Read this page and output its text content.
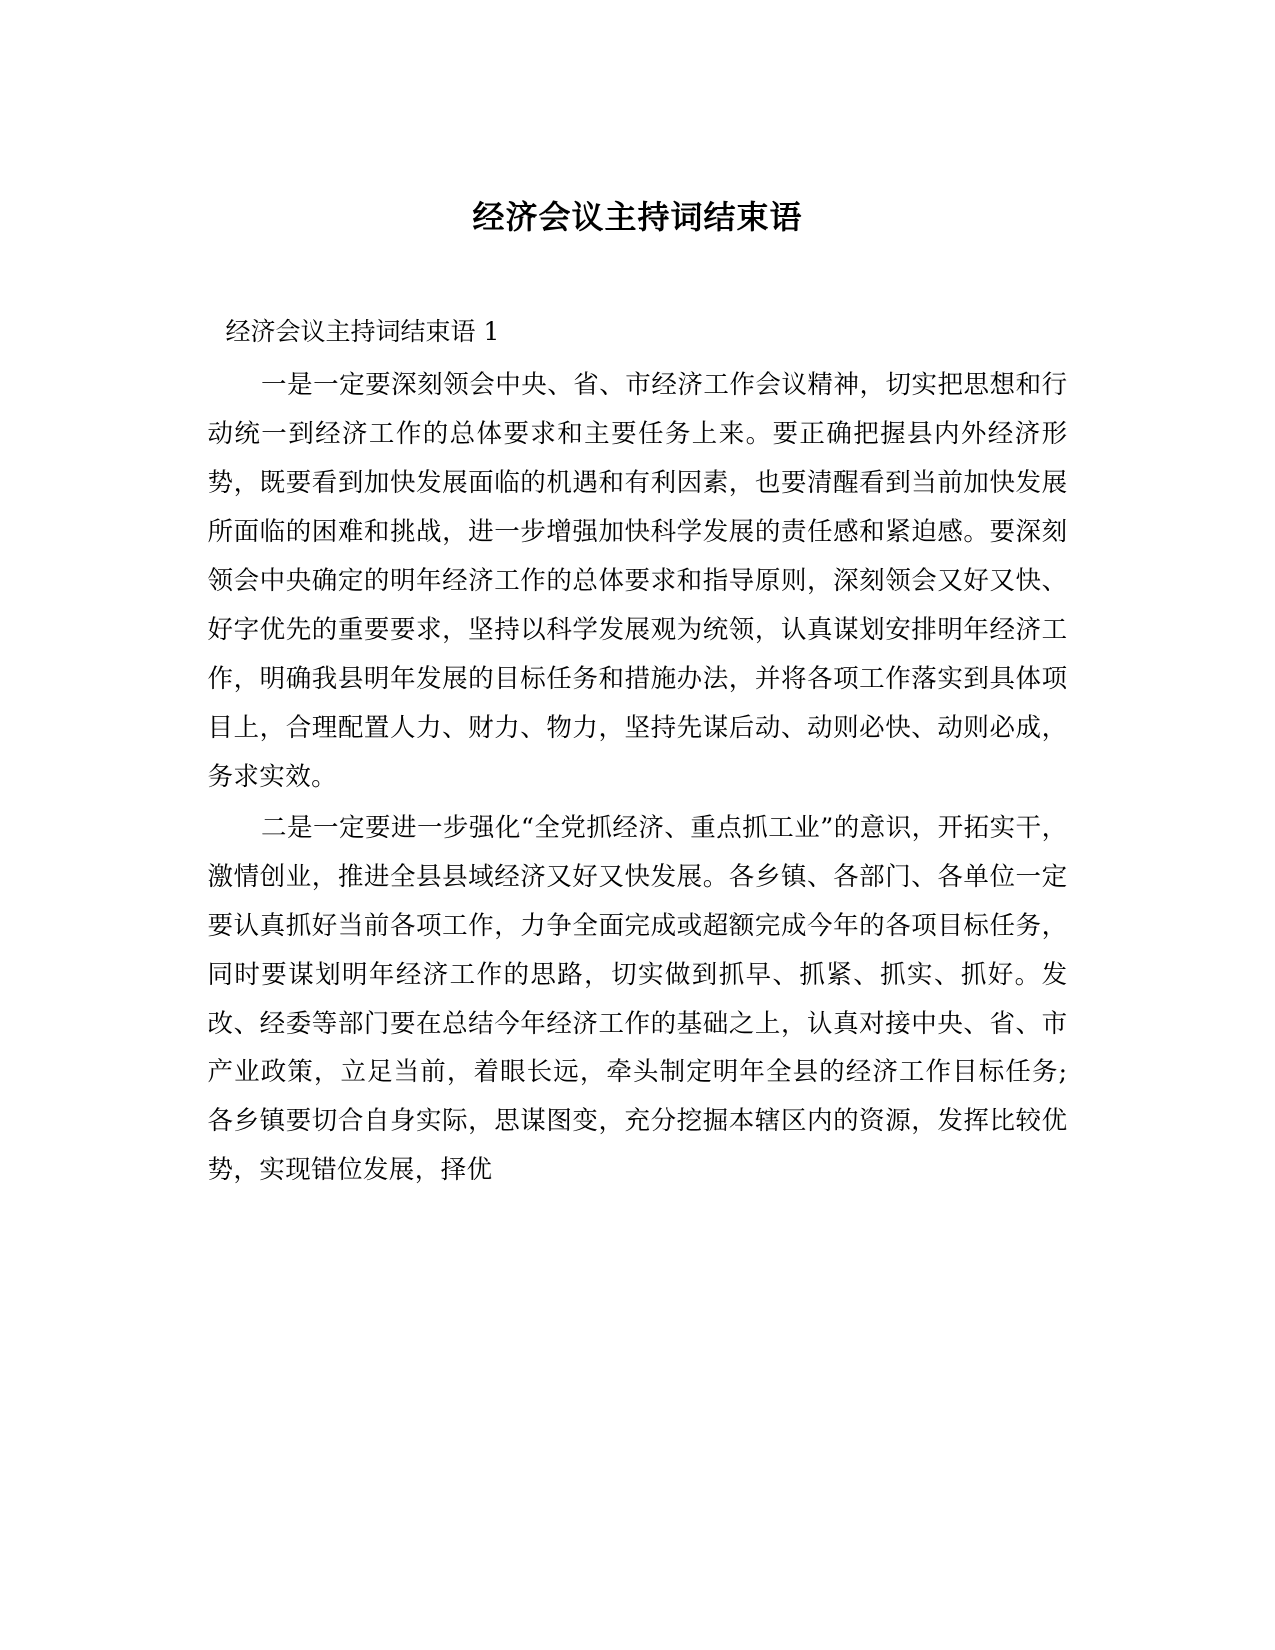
经济会议主持词结束语

经济会议主持词结束语 1

一是一定要深刻领会中央、省、市经济工作会议精神，切实把思想和行动统一到经济工作的总体要求和主要任务上来。要正确把握县内外经济形势，既要看到加快发展面临的机遇和有利因素，也要清醒看到当前加快发展所面临的困难和挑战，进一步增强加快科学发展的责任感和紧迫感。要深刻领会中央确定的明年经济工作的总体要求和指导原则，深刻领会又好又快、好字优先的重要要求，坚持以科学发展观为统领，认真谋划安排明年经济工作，明确我县明年发展的目标任务和措施办法，并将各项工作落实到具体项目上，合理配置人力、财力、物力，坚持先谋后动、动则必快、动则必成，务求实效。

二是一定要进一步强化“全党抓经济、重点抓工业”的意识，开拓实干，激情创业，推进全县县域经济又好又快发展。各乡镇、各部门、各单位一定要认真抓好当前各项工作，力争全面完成或超额完成今年的各项目标任务，同时要谋划明年经济工作的思路，切实做到抓早、抓紧、抓实、抓好。发改、经委等部门要在总结今年经济工作的基础之上，认真对接中央、省、市产业政策，立足当前，着眼长远，牵头制定明年全县的经济工作目标任务;各乡镇要切合自身实际，思谋图变，充分挖掘本辖区内的资源，发挥比较优势，实现错位发展，择优
